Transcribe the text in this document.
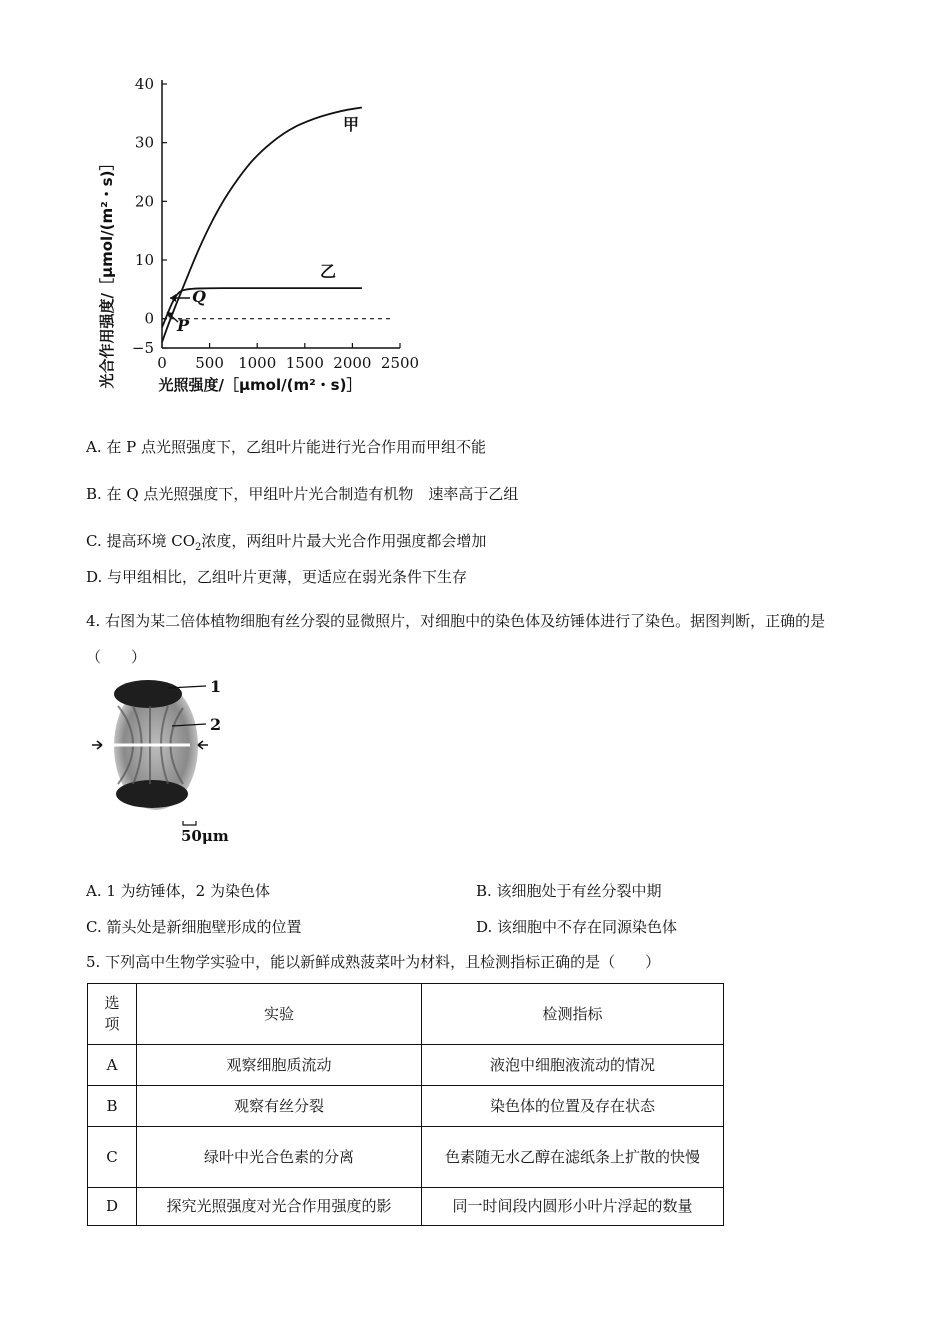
40
30
20
10
0
−5
0 500 1000 1500 2000 2500
光合作用强度/［μmol/(m²・s)］	光照强度/［μmol/(m²・s)］
甲
乙
Q
P
A. 在 P 点光照强度下，乙组叶片能进行光合作用而甲组不能
B. 在 Q 点光照强度下，甲组叶片光合制造有机物　速率高于乙组
C. 提高环境 $CO_2$浓度，两组叶片最大光合作用强度都会增加
D. 与甲组相比，乙组叶片更薄，更适应在弱光条件下生存
4. 右图为某二倍体植物细胞有丝分裂的显微照片，对细胞中的染色体及纺锤体进行了染色。据图判断，正确的是（　　）
1
2
50μm
A. 1 为纺锤体，2 为染色体	B. 该细胞处于有丝分裂中期
C. 箭头处是新细胞壁形成的位置	D. 该细胞中不存在同源染色体
5. 下列高中生物学实验中，能以新鲜成熟菠菜叶为材料，且检测指标正确的是（　　）
选项	实验	检测指标
A	观察细胞质流动	液泡中细胞液流动的情况
B	观察有丝分裂	染色体的位置及存在状态
C	绿叶中光合色素的分离	色素随无水乙醇在滤纸条上扩散的快慢
D	探究光照强度对光合作用强度的影	同一时间段内圆形小叶片浮起的数量
